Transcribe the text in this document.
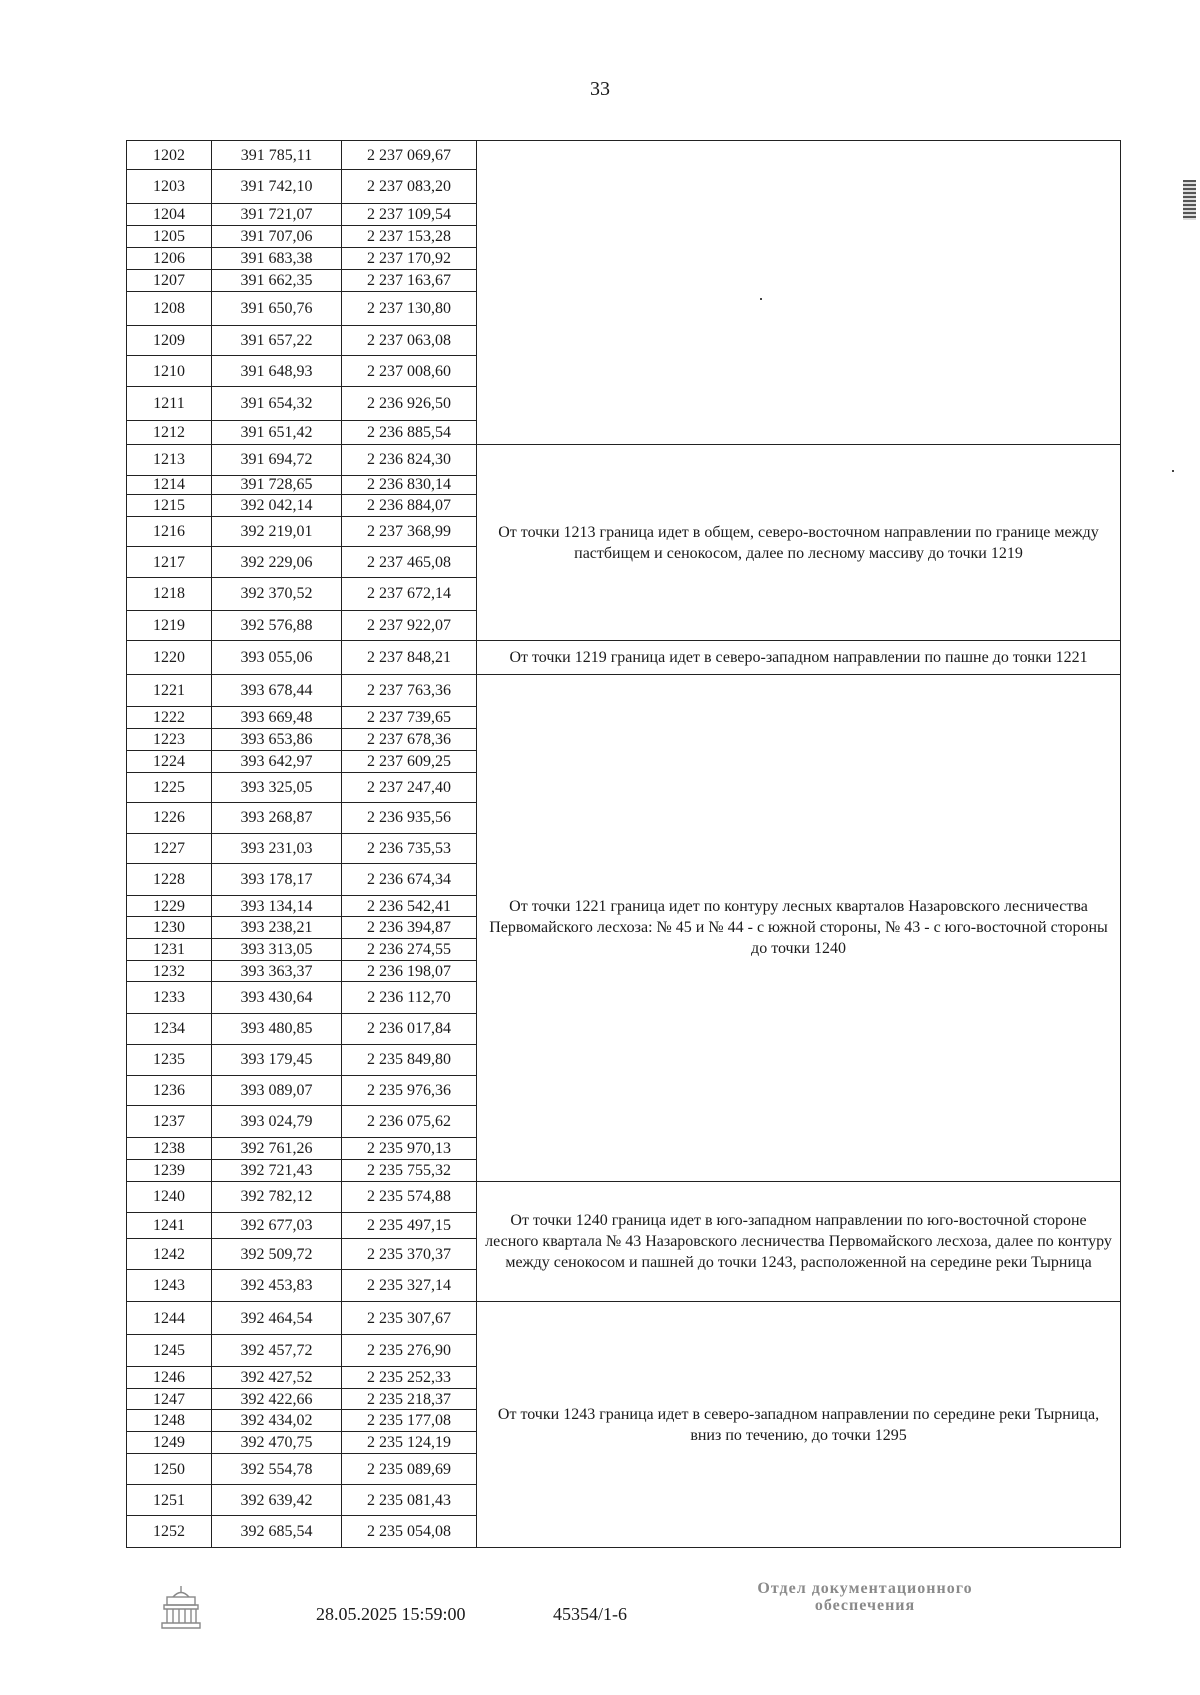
33
1202	391 785,11	2 237 069,67	
1203	391 742,10	2 237 083,20	
1204	391 721,07	2 237 109,54	
1205	391 707,06	2 237 153,28	
1206	391 683,38	2 237 170,92	
1207	391 662,35	2 237 163,67	
1208	391 650,76	2 237 130,80	
1209	391 657,22	2 237 063,08	
1210	391 648,93	2 237 008,60	
1211	391 654,32	2 236 926,50	
1212	391 651,42	2 236 885,54	
1213	391 694,72	2 236 824,30	От точки 1213 граница идет в общем, северо-восточном направлении по границе между пастбищем и сенокосом, далее по лесному массиву до точки 1219
1214	391 728,65	2 236 830,14	
1215	392 042,14	2 236 884,07	
1216	392 219,01	2 237 368,99	
1217	392 229,06	2 237 465,08	
1218	392 370,52	2 237 672,14	
1219	392 576,88	2 237 922,07	
1220	393 055,06	2 237 848,21	От точки 1219 граница идет в северо-западном направлении по пашне до точки 1221
1221	393 678,44	2 237 763,36	От точки 1221 граница идет по контуру лесных кварталов Назаровского лесничества Первомайского лесхоза: № 45 и № 44 - с южной стороны, № 43 - с юго-восточной стороны до точки 1240
1222	393 669,48	2 237 739,65	
1223	393 653,86	2 237 678,36	
1224	393 642,97	2 237 609,25	
1225	393 325,05	2 237 247,40	
1226	393 268,87	2 236 935,56	
1227	393 231,03	2 236 735,53	
1228	393 178,17	2 236 674,34	
1229	393 134,14	2 236 542,41	
1230	393 238,21	2 236 394,87	
1231	393 313,05	2 236 274,55	
1232	393 363,37	2 236 198,07	
1233	393 430,64	2 236 112,70	
1234	393 480,85	2 236 017,84	
1235	393 179,45	2 235 849,80	
1236	393 089,07	2 235 976,36	
1237	393 024,79	2 236 075,62	
1238	392 761,26	2 235 970,13	
1239	392 721,43	2 235 755,32	
1240	392 782,12	2 235 574,88	От точки 1240 граница идет в юго-западном направлении по юго-восточной стороне лесного квартала № 43 Назаровского лесничества Первомайского лесхоза, далее по контуру между сенокосом и пашней до точки 1243, расположенной на середине реки Тырница
1241	392 677,03	2 235 497,15	
1242	392 509,72	2 235 370,37	
1243	392 453,83	2 235 327,14	
1244	392 464,54	2 235 307,67	От точки 1243 граница идет в северо-западном направлении по середине реки Тырница, вниз по течению, до точки 1295
1245	392 457,72	2 235 276,90	
1246	392 427,52	2 235 252,33	
1247	392 422,66	2 235 218,37	
1248	392 434,02	2 235 177,08	
1249	392 470,75	2 235 124,19	
1250	392 554,78	2 235 089,69	
1251	392 639,42	2 235 081,43	
1252	392 685,54	2 235 054,08	
28.05.2025 15:59:00	45354/1-6
Отдел документационного
обеспечения
